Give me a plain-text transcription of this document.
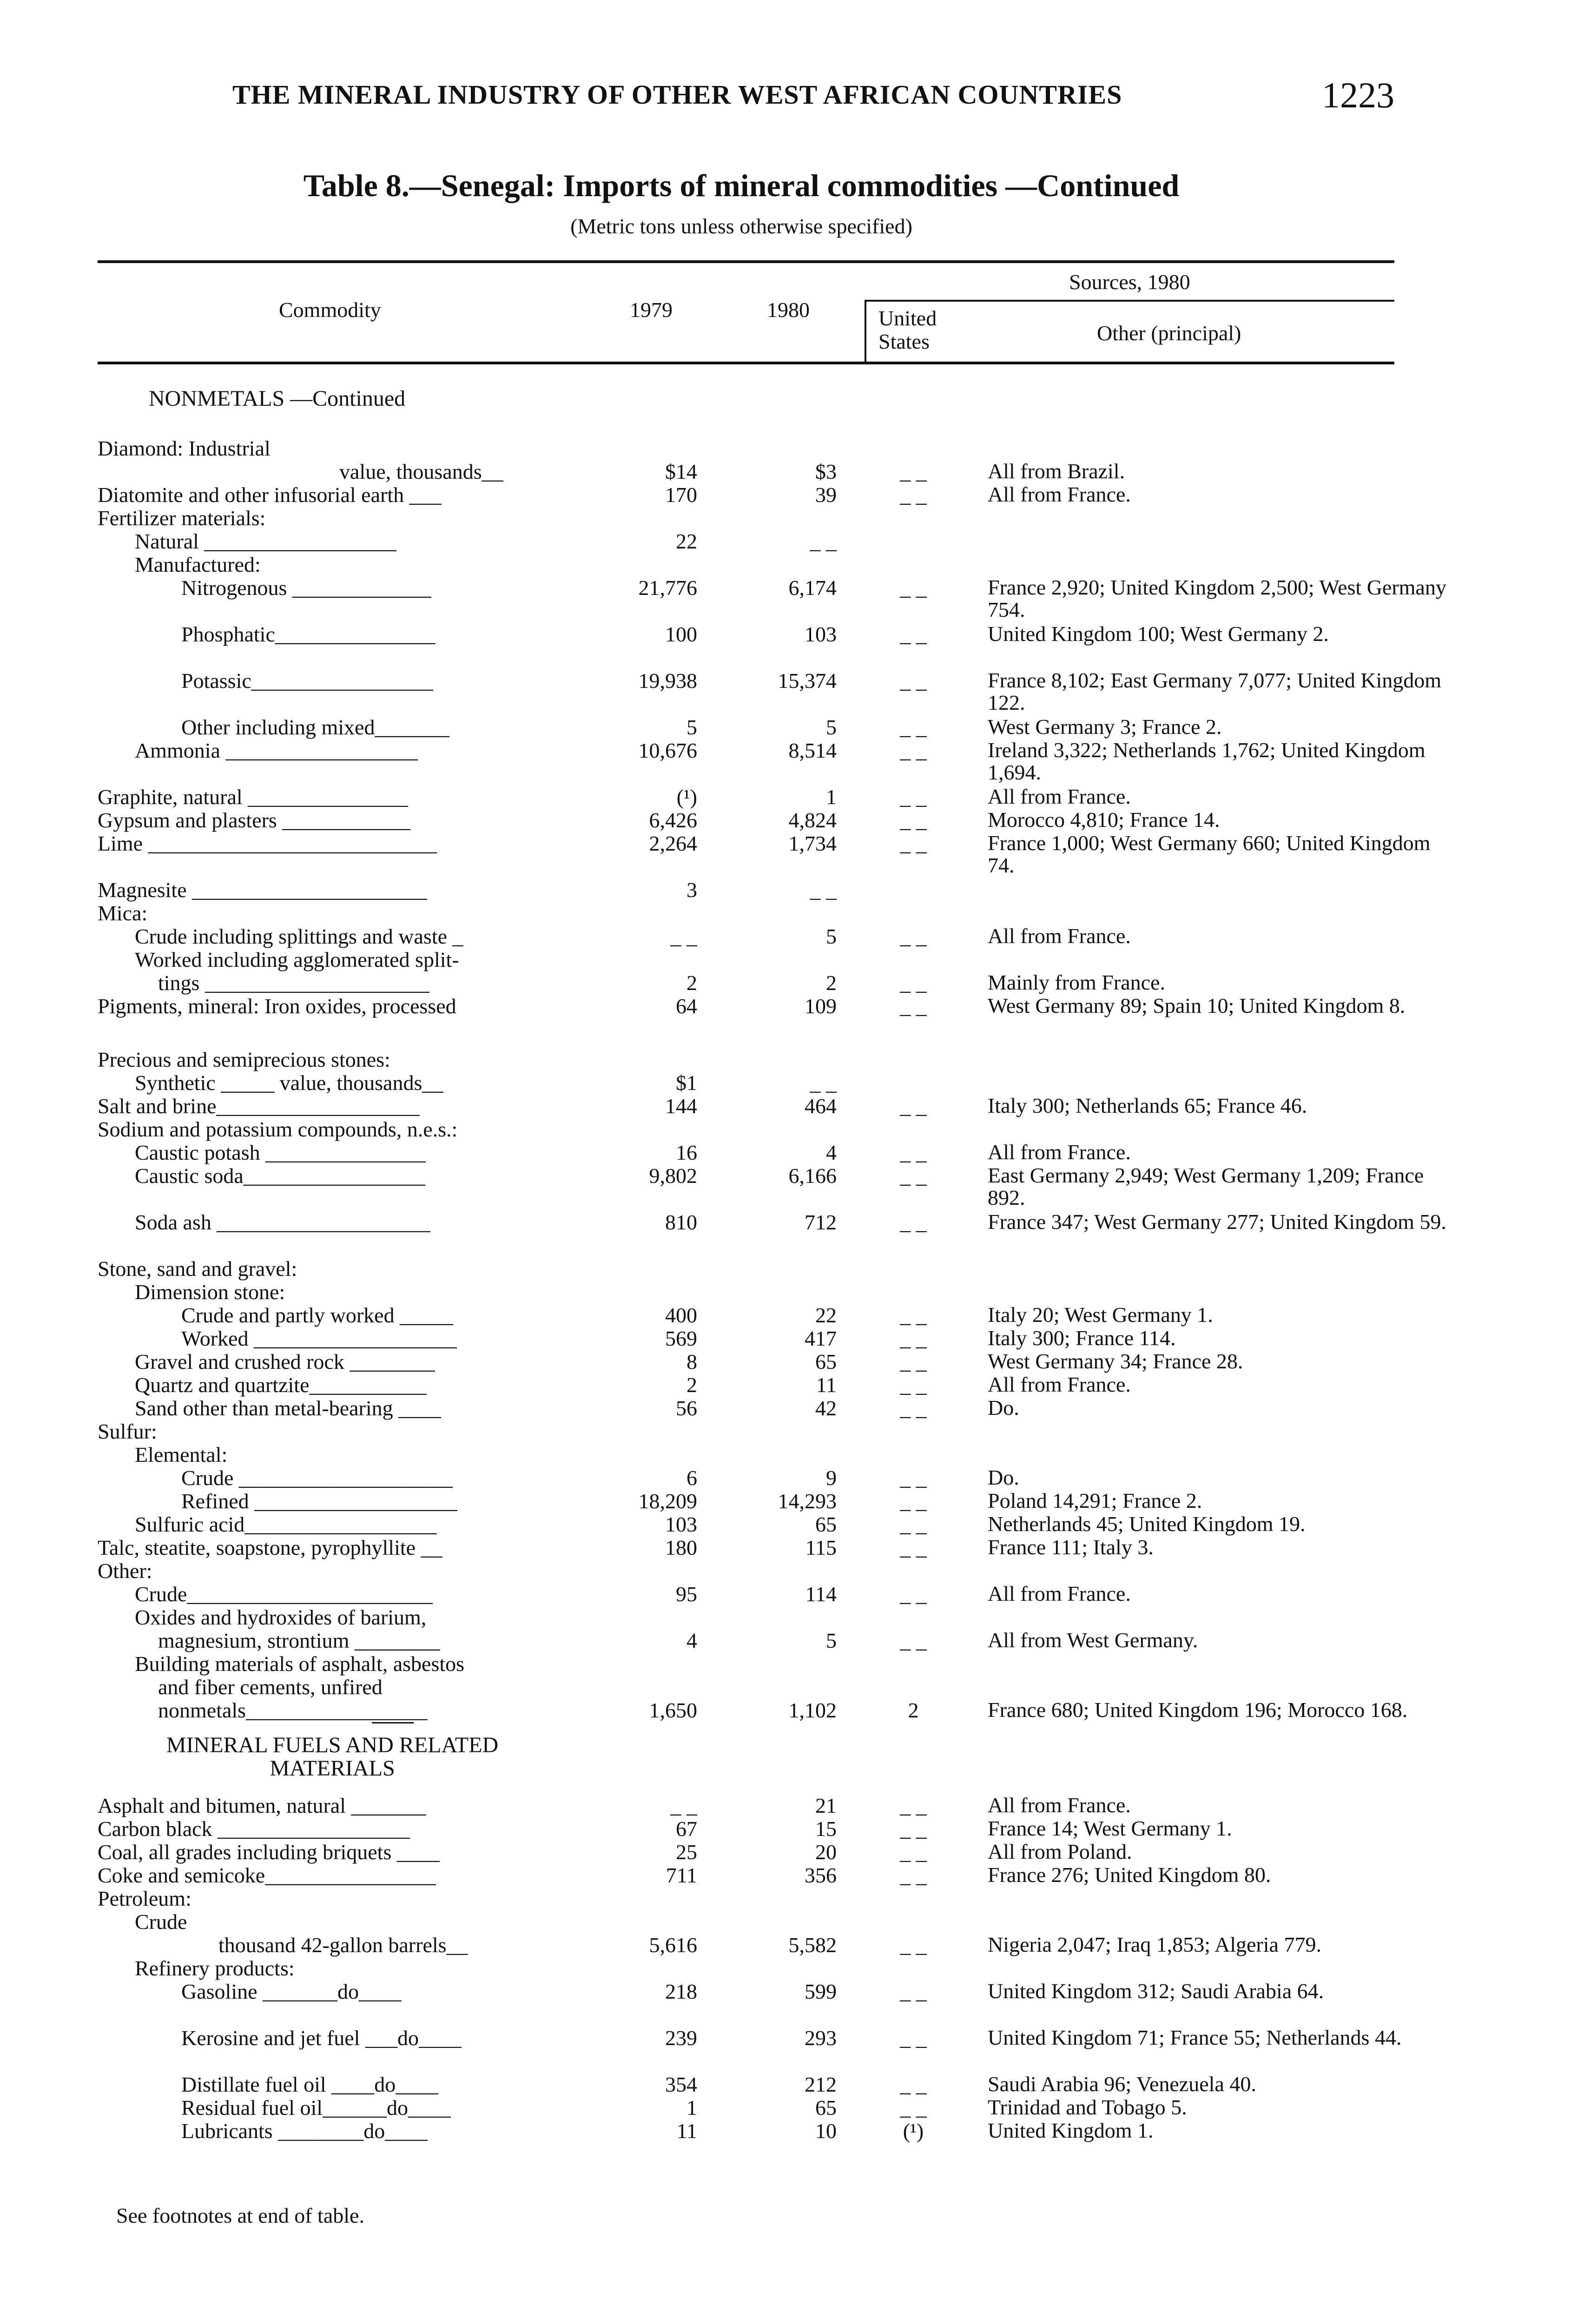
THE MINERAL INDUSTRY OF OTHER WEST AFRICAN COUNTRIES	1223
Table 8.—Senegal: Imports of mineral commodities —Continued
(Metric tons unless otherwise specified)
Commodity	1979	1980
Sources, 1980
United States	Other (principal)
NONMETALS —Continued
MINERAL FUELS AND RELATED MATERIALS
Diamond: Industrial
value, thousands__	$14	$3	_ _	All from Brazil.
Diatomite and other infusorial earth ___	170	39	_ _	All from France.
Fertilizer materials:
Natural __________________	22	_ _
Manufactured:
Nitrogenous _____________	21,776	6,174	_ _	France 2,920; United Kingdom 2,500; West Germany 754.
Phosphatic_______________	100	103	_ _	United Kingdom 100; West Germany 2.
Potassic_________________	19,938	15,374	_ _	France 8,102; East Germany 7,077; United Kingdom 122.
Other including mixed_______	5	5	_ _	West Germany 3; France 2.
Ammonia __________________	10,676	8,514	_ _	Ireland 3,322; Netherlands 1,762; United Kingdom 1,694.
Graphite, natural _______________	(¹)	1	_ _	All from France.
Gypsum and plasters ____________	6,426	4,824	_ _	Morocco 4,810; France 14.
Lime ___________________________	2,264	1,734	_ _	France 1,000; West Germany 660; United Kingdom 74.
Magnesite ______________________	3	_ _
Mica:
Crude including splittings and waste _	_ _	5	_ _	All from France.
Worked including agglomerated split-
tings _____________________	2	2	_ _	Mainly from France.
Pigments, mineral: Iron oxides, processed	64	109	_ _	West Germany 89; Spain 10; United Kingdom 8.
Precious and semiprecious stones:
Synthetic _____ value, thousands__	$1	_ _
Salt and brine___________________	144	464	_ _	Italy 300; Netherlands 65; France 46.
Sodium and potassium compounds, n.e.s.:
Caustic potash _______________	16	4	_ _	All from France.
Caustic soda_________________	9,802	6,166	_ _	East Germany 2,949; West Germany 1,209; France 892.
Soda ash ____________________	810	712	_ _	France 347; West Germany 277; United Kingdom 59.
Stone, sand and gravel:
Dimension stone:
Crude and partly worked _____	400	22	_ _	Italy 20; West Germany 1.
Worked ___________________	569	417	_ _	Italy 300; France 114.
Gravel and crushed rock ________	8	65	_ _	West Germany 34; France 28.
Quartz and quartzite___________	2	11	_ _	All from France.
Sand other than metal-bearing ____	56	42	_ _	Do.
Sulfur:
Elemental:
Crude ____________________	6	9	_ _	Do.
Refined ___________________	18,209	14,293	_ _	Poland 14,291; France 2.
Sulfuric acid__________________	103	65	_ _	Netherlands 45; United Kingdom 19.
Talc, steatite, soapstone, pyrophyllite __	180	115	_ _	France 111; Italy 3.
Other:
Crude_______________________	95	114	_ _	All from France.
Oxides and hydroxides of barium,
magnesium, strontium ________	4	5	_ _	All from West Germany.
Building materials of asphalt, asbestos
and fiber cements, unfired
nonmetals_________________	1,650	1,102	2	France 680; United Kingdom 196; Morocco 168.
Asphalt and bitumen, natural _______	_ _	21	_ _	All from France.
Carbon black __________________	67	15	_ _	France 14; West Germany 1.
Coal, all grades including briquets ____	25	20	_ _	All from Poland.
Coke and semicoke________________	711	356	_ _	France 276; United Kingdom 80.
Petroleum:
Crude
thousand 42-gallon barrels__	5,616	5,582	_ _	Nigeria 2,047; Iraq 1,853; Algeria 779.
Refinery products:
Gasoline _______do____	218	599	_ _	United Kingdom 312; Saudi Arabia 64.
Kerosine and jet fuel ___do____	239	293	_ _	United Kingdom 71; France 55; Netherlands 44.
Distillate fuel oil ____do____	354	212	_ _	Saudi Arabia 96; Venezuela 40.
Residual fuel oil______do____	1	65	_ _	Trinidad and Tobago 5.
Lubricants ________do____	11	10	(¹)	United Kingdom 1.
See footnotes at end of table.
